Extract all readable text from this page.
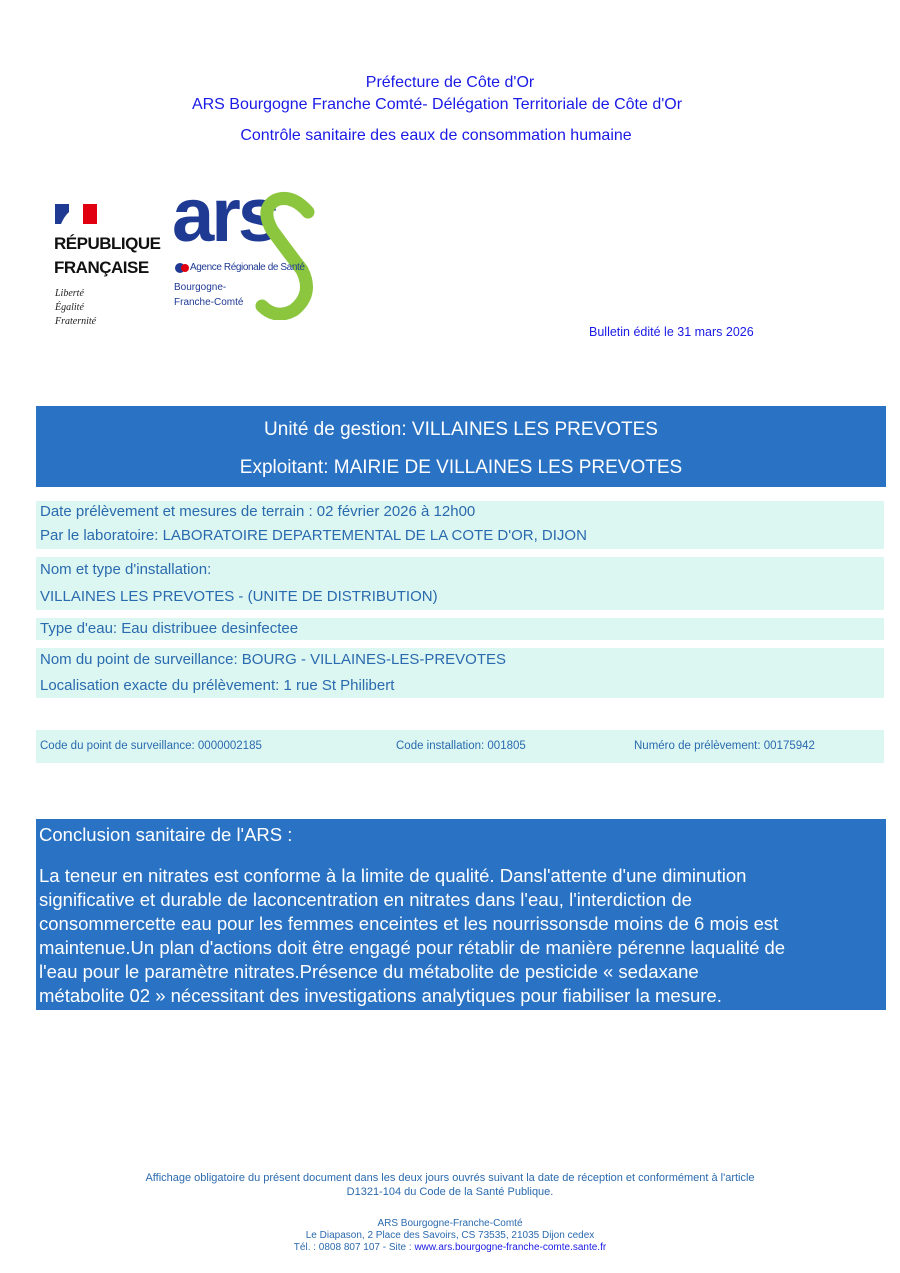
Préfecture de Côte d'Or
ARS Bourgogne Franche Comté- Délégation Territoriale de Côte d'Or
Contrôle sanitaire des eaux de consommation humaine
RÉPUBLIQUE
FRANÇAISE
Liberté
Égalité
Fraternité
ars
Agence Régionale de Santé
Bourgogne-
Franche-Comté
Bulletin édité le 31 mars 2026
Unité de gestion: VILLAINES LES PREVOTES
Exploitant: MAIRIE DE VILLAINES LES PREVOTES
Date prélèvement et mesures de terrain : 02 février 2026 à 12h00
Par le laboratoire: LABORATOIRE DEPARTEMENTAL DE LA COTE D'OR, DIJON
Nom et type d'installation:
VILLAINES LES PREVOTES - (UNITE DE DISTRIBUTION)
Type d'eau: Eau distribuee desinfectee
Nom du point de surveillance: BOURG - VILLAINES-LES-PREVOTES
Localisation exacte du prélèvement: 1 rue St Philibert
Code du point de surveillance: 0000002185	Code installation: 001805	Numéro de prélèvement: 00175942
Conclusion sanitaire de l'ARS :
La teneur en nitrates est conforme à la limite de qualité. Dansl'attente d'une diminution
significative et durable de laconcentration en nitrates dans l'eau, l'interdiction de
consommercette eau pour les femmes enceintes et les nourrissonsde moins de 6 mois est
maintenue.Un plan d'actions doit être engagé pour rétablir de manière pérenne laqualité de
l'eau pour le paramètre nitrates.Présence du métabolite de pesticide « sedaxane
métabolite 02 » nécessitant des investigations analytiques pour fiabiliser la mesure.
Affichage obligatoire du présent document dans les deux jours ouvrés suivant la date de réception et conformément à l'article
D1321-104 du Code de la Santé Publique.
ARS Bourgogne-Franche-Comté
Le Diapason, 2 Place des Savoirs, CS 73535, 21035 Dijon cedex
Tél. : 0808 807 107 - Site : www.ars.bourgogne-franche-comte.sante.fr
